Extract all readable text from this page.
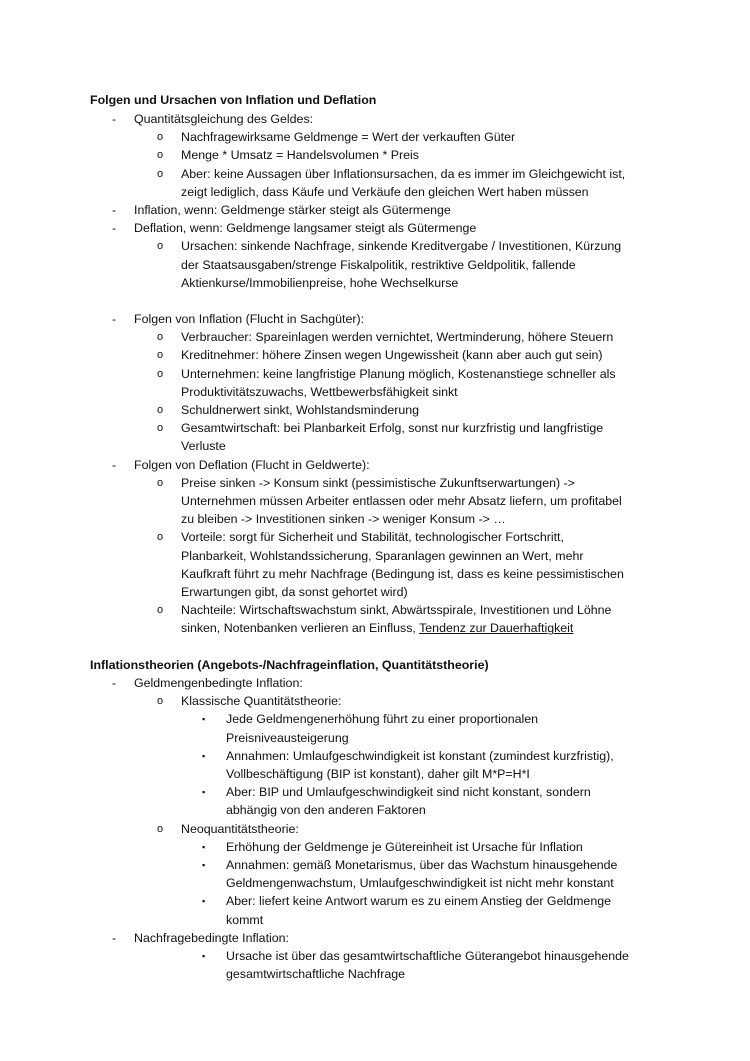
Folgen und Ursachen von Inflation und Deflation
- Quantitätsgleichung des Geldes:
o Nachfragewirksame Geldmenge = Wert der verkauften Güter
o Menge * Umsatz = Handelsvolumen * Preis
o Aber: keine Aussagen über Inflationsursachen, da es immer im Gleichgewicht ist,
zeigt lediglich, dass Käufe und Verkäufe den gleichen Wert haben müssen
- Inflation, wenn: Geldmenge stärker steigt als Gütermenge
- Deflation, wenn: Geldmenge langsamer steigt als Gütermenge
o Ursachen: sinkende Nachfrage, sinkende Kreditvergabe / Investitionen, Kürzung
der Staatsausgaben/strenge Fiskalpolitik, restriktive Geldpolitik, fallende
Aktienkurse/Immobilienpreise, hohe Wechselkurse
- Folgen von Inflation (Flucht in Sachgüter):
o Verbraucher: Spareinlagen werden vernichtet, Wertminderung, höhere Steuern
o Kreditnehmer: höhere Zinsen wegen Ungewissheit (kann aber auch gut sein)
o Unternehmen: keine langfristige Planung möglich, Kostenanstiege schneller als
Produktivitätszuwachs, Wettbewerbsfähigkeit sinkt
o Schuldnerwert sinkt, Wohlstandsminderung
o Gesamtwirtschaft: bei Planbarkeit Erfolg, sonst nur kurzfristig und langfristige
Verluste
- Folgen von Deflation (Flucht in Geldwerte):
o Preise sinken -> Konsum sinkt (pessimistische Zukunftserwartungen) ->
Unternehmen müssen Arbeiter entlassen oder mehr Absatz liefern, um profitabel
zu bleiben -> Investitionen sinken -> weniger Konsum -> …
o Vorteile: sorgt für Sicherheit und Stabilität, technologischer Fortschritt,
Planbarkeit, Wohlstandssicherung, Sparanlagen gewinnen an Wert, mehr
Kaufkraft führt zu mehr Nachfrage (Bedingung ist, dass es keine pessimistischen
Erwartungen gibt, da sonst gehortet wird)
o Nachteile: Wirtschaftswachstum sinkt, Abwärtsspirale, Investitionen und Löhne
sinken, Notenbanken verlieren an Einfluss, Tendenz zur Dauerhaftigkeit
Inflationstheorien (Angebots-/Nachfrageinflation, Quantitätstheorie)
- Geldmengenbedingte Inflation:
o Klassische Quantitätstheorie:
▪ Jede Geldmengenerhöhung führt zu einer proportionalen
Preisniveausteigerung
▪ Annahmen: Umlaufgeschwindigkeit ist konstant (zumindest kurzfristig),
Vollbeschäftigung (BIP ist konstant), daher gilt M*P=H*I
▪ Aber: BIP und Umlaufgeschwindigkeit sind nicht konstant, sondern
abhängig von den anderen Faktoren
o Neoquantitätstheorie:
▪ Erhöhung der Geldmenge je Gütereinheit ist Ursache für Inflation
▪ Annahmen: gemäß Monetarismus, über das Wachstum hinausgehende
Geldmengenwachstum, Umlaufgeschwindigkeit ist nicht mehr konstant
▪ Aber: liefert keine Antwort warum es zu einem Anstieg der Geldmenge
kommt
- Nachfragebedingte Inflation:
▪ Ursache ist über das gesamtwirtschaftliche Güterangebot hinausgehende
gesamtwirtschaftliche Nachfrage
